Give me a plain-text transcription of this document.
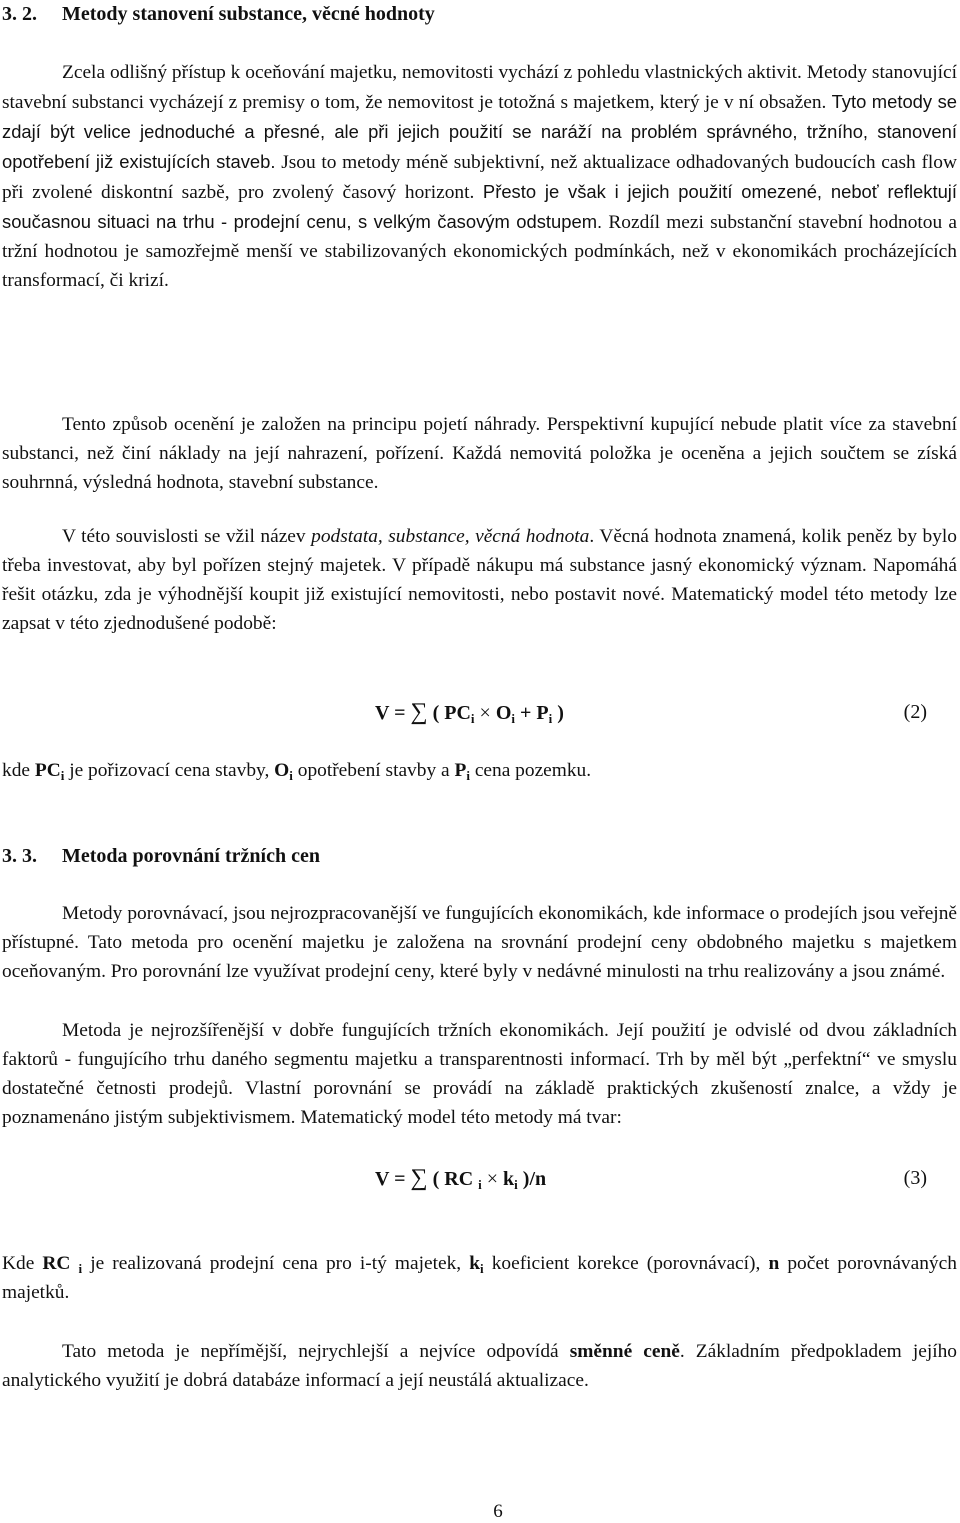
3. 2. Metody stanovení substance, věcné hodnoty

Zcela odlišný přístup k oceňování majetku, nemovitosti vychází z pohledu vlastnických aktivit. Metody stanovující stavební substanci vycházejí z premisy o tom, že nemovitost je totožná s majetkem, který je v ní obsažen. Tyto metody se zdají být velice jednoduché a přesné, ale při jejich použití se naráží na problém správného, tržního, stanovení opotřebení již existujících staveb. Jsou to metody méně subjektivní, než aktualizace odhadovaných budoucích cash flow při zvolené diskontní sazbě, pro zvolený časový horizont. Přesto je však i jejich použití omezené, neboť reflektují současnou situaci na trhu - prodejní cenu, s velkým časovým odstupem. Rozdíl mezi substanční stavební hodnotou a tržní hodnotou je samozřejmě menší ve stabilizovaných ekonomických podmínkách, než v ekonomikách procházejících transformací, či krizí.

Tento způsob ocenění je založen na principu pojetí náhrady. Perspektivní kupující nebude platit více za stavební substanci, než činí náklady na její nahrazení, pořízení. Každá nemovitá položka je oceněna a jejich součtem se získá souhrnná, výsledná hodnota, stavební substance.

V této souvislosti se vžil název podstata, substance, věcná hodnota. Věcná hodnota znamená, kolik peněz by bylo třeba investovat, aby byl pořízen stejný majetek. V případě nákupu má substance jasný ekonomický význam. Napomáhá řešit otázku, zda je výhodnější koupit již existující nemovitosti, nebo postavit nové. Matematický model této metody lze zapsat v této zjednodušené podobě:

V = ∑ ( $PC_i \times O_i + P_i$ )	(2)

kde $PC_i$ je pořizovací cena stavby, $O_i$ opotřebení stavby a $P_i$ cena pozemku.

3. 3. Metoda porovnání tržních cen

Metody porovnávací, jsou nejrozpracovanější ve fungujících ekonomikách, kde informace o prodejích jsou veřejně přístupné. Tato metoda pro ocenění majetku je založena na srovnání prodejní ceny obdobného majetku s majetkem oceňovaným. Pro porovnání lze využívat prodejní ceny, které byly v nedávné minulosti na trhu realizovány a jsou známé.

Metoda je nejrozšířenější v dobře fungujících tržních ekonomikách. Její použití je odvislé od dvou základních faktorů - fungujícího trhu daného segmentu majetku a transparentnosti informací. Trh by měl být „perfektní“ ve smyslu dostatečné četnosti prodejů. Vlastní porovnání se provádí na základě praktických zkušeností znalce, a vždy je poznamenáno jistým subjektivismem. Matematický model této metody má tvar:

V = ∑ ( RC $_i \times k_i$ )/n	(3)

Kde RC $_i$ je realizovaná prodejní cena pro i-tý majetek, $k_i$ koeficient korekce (porovnávací), n počet porovnávaných majetků.

Tato metoda je nepřímější, nejrychlejší a nejvíce odpovídá směnné ceně. Základním předpokladem jejího analytického využití je dobrá databáze informací a její neustálá aktualizace.

6
